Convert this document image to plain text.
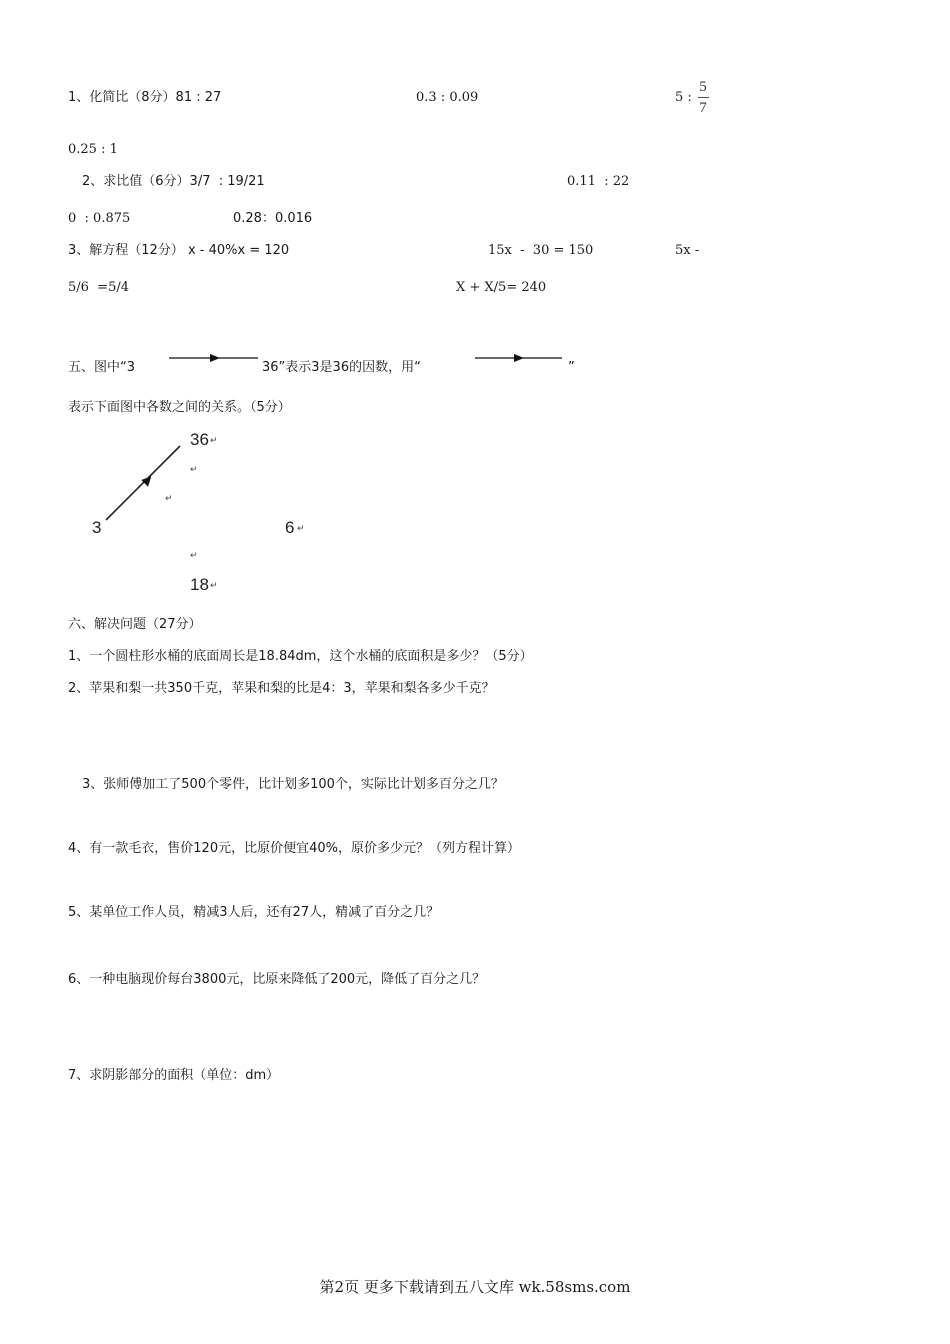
1、化简比（8分）81 : 27	0.3 : 0.09	5 :
5
7
0.25 : 1
2、求比值（6分）3/7  : 19/21	0.11  : 22
0  : 0.875	0.28：0.016
3、解方程（12分） x - 40%x = 120	15x  -  30 = 150	5x -
5/6  =5/4	X + X/5= 240
五、图中“3	36”表示3是36的因数，用“	”
表示下面图中各数之间的关系。（5分）
36 ↵
↵
↵
3	6 ↵
↵
18 ↵
六、解决问题（27分）
1、一个圆柱形水桶的底面周长是18.84dm，这个水桶的底面积是多少？（5分）
2、苹果和梨一共350千克，苹果和梨的比是4：3，苹果和梨各多少千克？
3、张师傅加工了500个零件，比计划多100个，实际比计划多百分之几？
4、有一款毛衣，售价120元，比原价便宜40%，原价多少元？（列方程计算）
5、某单位工作人员，精减3人后，还有27人，精减了百分之几？
6、一种电脑现价每台3800元，比原来降低了200元，降低了百分之几？
7、求阴影部分的面积（单位：dm）
第2页 更多下载请到五八文库 wk.58sms.com
